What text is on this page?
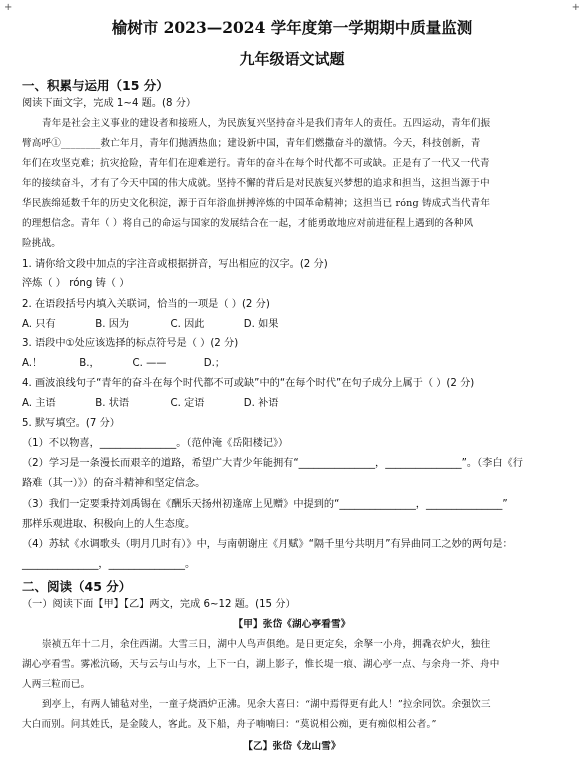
+	+
榆树市 2023—2024 学年度第一学期期中质量监测
九年级语文试题
一、积累与运用（15 分）
阅读下面文字，完成 1~4 题。(8 分）
青年是社会主义事业的建设者和接班人，为民族复兴坚持奋斗是我们青年人的责任。五四运动，青年们振
臂高呼①________救亡年月，青年们抛洒热血；建设新中国，青年们燃撒奋斗的激情。今天，科技创新，青
年们在攻坚克难；抗灾抢险，青年们在迎难逆行。青年的奋斗在每个时代都不可或缺。正是有了一代又一代青
年的接续奋斗，才有了今天中国的伟大成就。坚持不懈的背后是对民族复兴梦想的追求和担当，这担当源于中
华民族绵延数千年的历史文化积淀，源于百年浴血拼搏淬炼的中国革命精神；这担当已 róng 铸成式当代青年
的理想信念。青年（ ）将自己的命运与国家的发展结合在一起，才能勇敢地应对前进征程上遇到的各种风
险挑战。
1. 请你给文段中加点的字注音或根据拼音，写出相应的汉字。(2 分)
淬炼（ ） róng 铸（ ）
2. 在语段括号内填入关联词，恰当的一项是（ ）(2 分)
A. 只有	B. 因为	C. 因此	D. 如果
3. 语段中①处应该选择的标点符号是（ ）(2 分)
A.！	B.，	C. ——	D.；
4. 画波浪线句子“青年的奋斗在每个时代都不可或缺”中的“在每个时代”在句子成分上属于（ ）(2 分)
A. 主语	B. 状语	C. 定语	D. 补语
5. 默写填空。(7 分）
（1）不以物喜，_______________。（范仲淹《岳阳楼记》）
（2）学习是一条漫长而艰辛的道路，希望广大青少年能拥有“_______________，_______________”。（李白《行
路难（其一）》）的奋斗精神和坚定信念。
（3）我们一定要秉持刘禹锡在《酬乐天扬州初逢席上见赠》中提到的“_______________，_______________”
那样乐观进取、积极向上的人生态度。
（4）苏轼《水调歌头（明月几时有）》中，与南朝谢庄《月赋》“隔千里兮共明月”有异曲同工之妙的两句是：
_______________，_______________。
二、阅读（45 分）
（一）阅读下面【甲】【乙】两文，完成 6~12 题。(15 分）
【甲】张岱《湖心亭看雪》
崇祯五年十二月，余住西湖。大雪三日，湖中人鸟声俱绝。是日更定矣，余拏一小舟，拥毳衣炉火，独往
湖心亭看雪。雾凇沆砀，天与云与山与水，上下一白，湖上影子，惟长堤一痕、湖心亭一点、与余舟一芥、舟中
人两三粒而已。
到亭上，有两人铺毡对坐，一童子烧酒炉正沸。见余大喜曰：“湖中焉得更有此人！”拉余同饮。余强饮三
大白而别。问其姓氏，是金陵人，客此。及下船，舟子喃喃曰：“莫说相公痴，更有痴似相公者。”
【乙】张岱《龙山雪》
